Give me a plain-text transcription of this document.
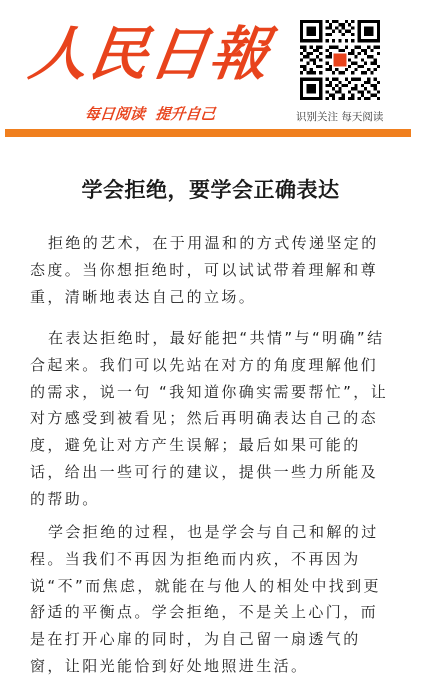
人民日報
每日阅读  提升自己	识别关注 每天阅读
学会拒绝，要学会正确表达

拒绝的艺术，在于用温和的方式传递坚定的态度。当你想拒绝时，可以试试带着理解和尊重，清晰地表达自己的立场。

在表达拒绝时，最好能把“共情”与“明确”结合起来。我们可以先站在对方的角度理解他们的需求，说一句 “我知道你确实需要帮忙”，让对方感受到被看见；然后再明确表达自己的态度，避免让对方产生误解；最后如果可能的话，给出一些可行的建议，提供一些力所能及的帮助。

学会拒绝的过程，也是学会与自己和解的过程。当我们不再因为拒绝而内疚，不再因为说“不”而焦虑，就能在与他人的相处中找到更舒适的平衡点。学会拒绝，不是关上心门，而是在打开心扉的同时，为自己留一扇透气的窗，让阳光能恰到好处地照进生活。
